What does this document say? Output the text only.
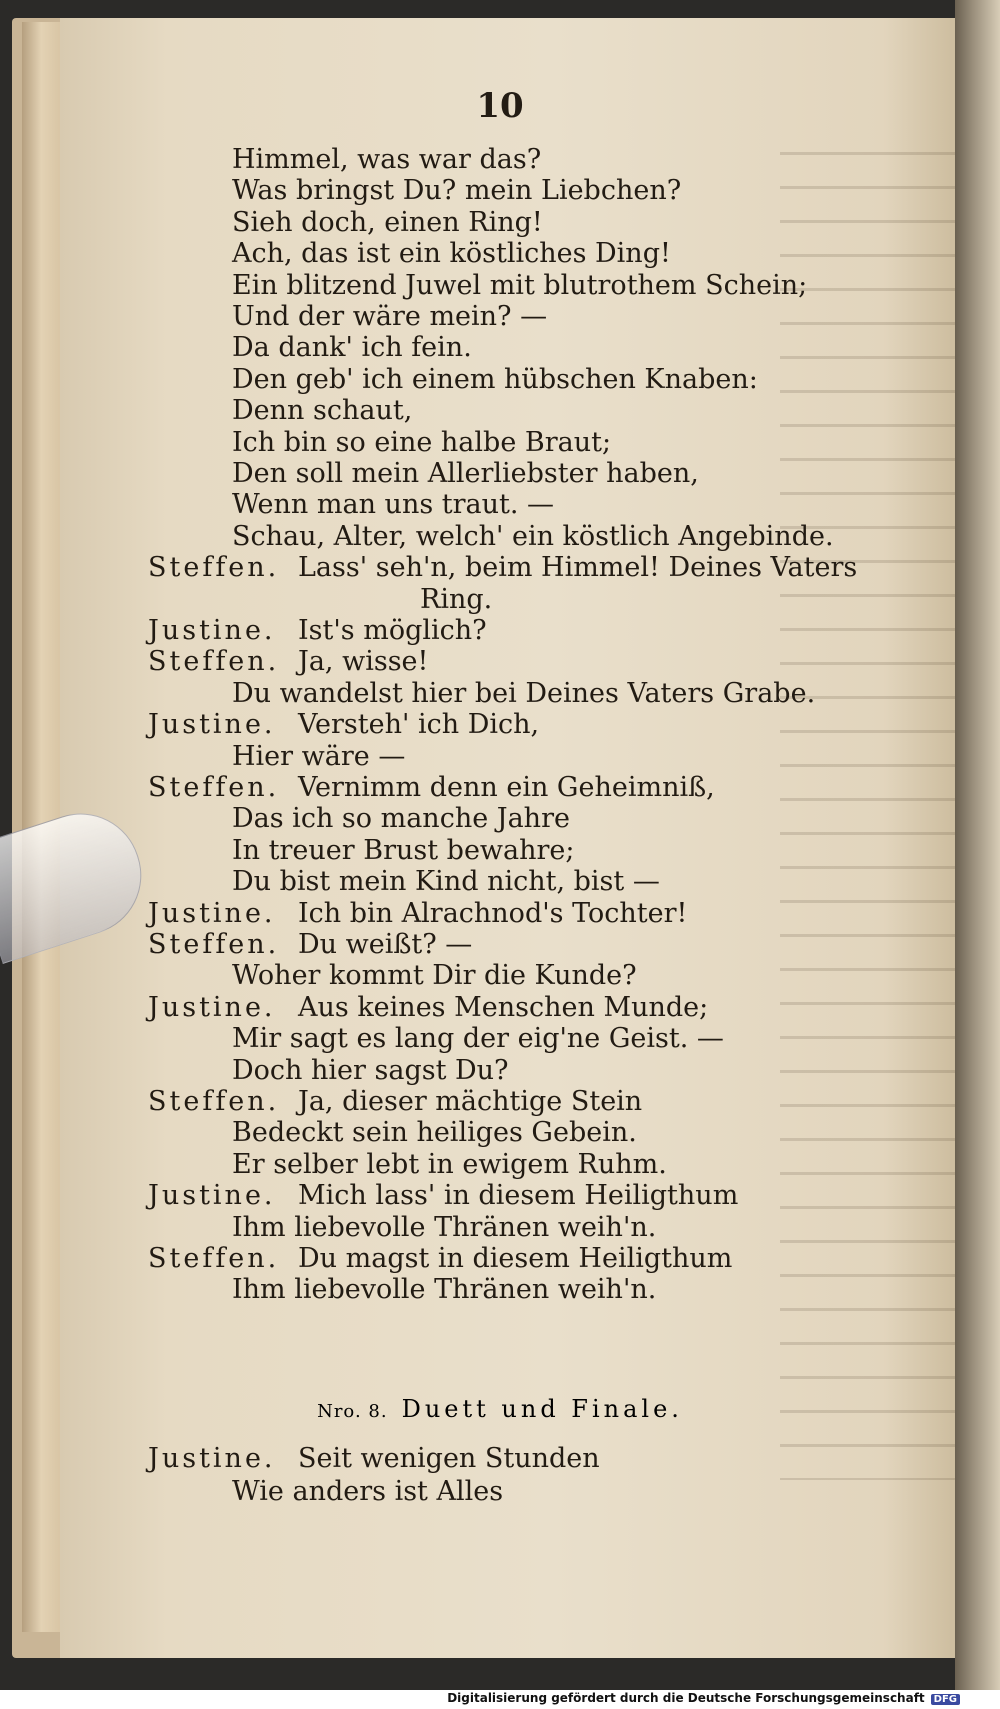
10
Himmel, was war das?
Was bringst Du? mein Liebchen?
Sieh doch, einen Ring!
Ach, das ist ein köstliches Ding!
Ein blitzend Juwel mit blutrothem Schein;
Und der wäre mein? —
Da dank' ich fein.
Den geb' ich einem hübschen Knaben:
Denn schaut,
Ich bin so eine halbe Braut;
Den soll mein Allerliebster haben,
Wenn man uns traut. —
Schau, Alter, welch' ein köstlich Angebinde.
Steffen. Lass' seh'n, beim Himmel! Deines Vaters
Ring.
Justine. Ist's möglich?
Steffen. Ja, wisse!
Du wandelst hier bei Deines Vaters Grabe.
Justine. Versteh' ich Dich,
Hier wäre —
Steffen. Vernimm denn ein Geheimniß,
Das ich so manche Jahre
In treuer Brust bewahre;
Du bist mein Kind nicht, bist —
Justine. Ich bin Alrachnod's Tochter!
Steffen. Du weißt? —
Woher kommt Dir die Kunde?
Justine. Aus keines Menschen Munde;
Mir sagt es lang der eig'ne Geist. —
Doch hier sagst Du?
Steffen. Ja, dieser mächtige Stein
Bedeckt sein heiliges Gebein.
Er selber lebt in ewigem Ruhm.
Justine. Mich lass' in diesem Heiligthum
Ihm liebevolle Thränen weih'n.
Steffen. Du magst in diesem Heiligthum
Ihm liebevolle Thränen weih'n.
Justine. Seit wenigen Stunden
Wie anders ist Alles
Nro. 8. Duett und Finale.
Digitalisierung gefördert durch die Deutsche Forschungsgemeinschaft DFG
